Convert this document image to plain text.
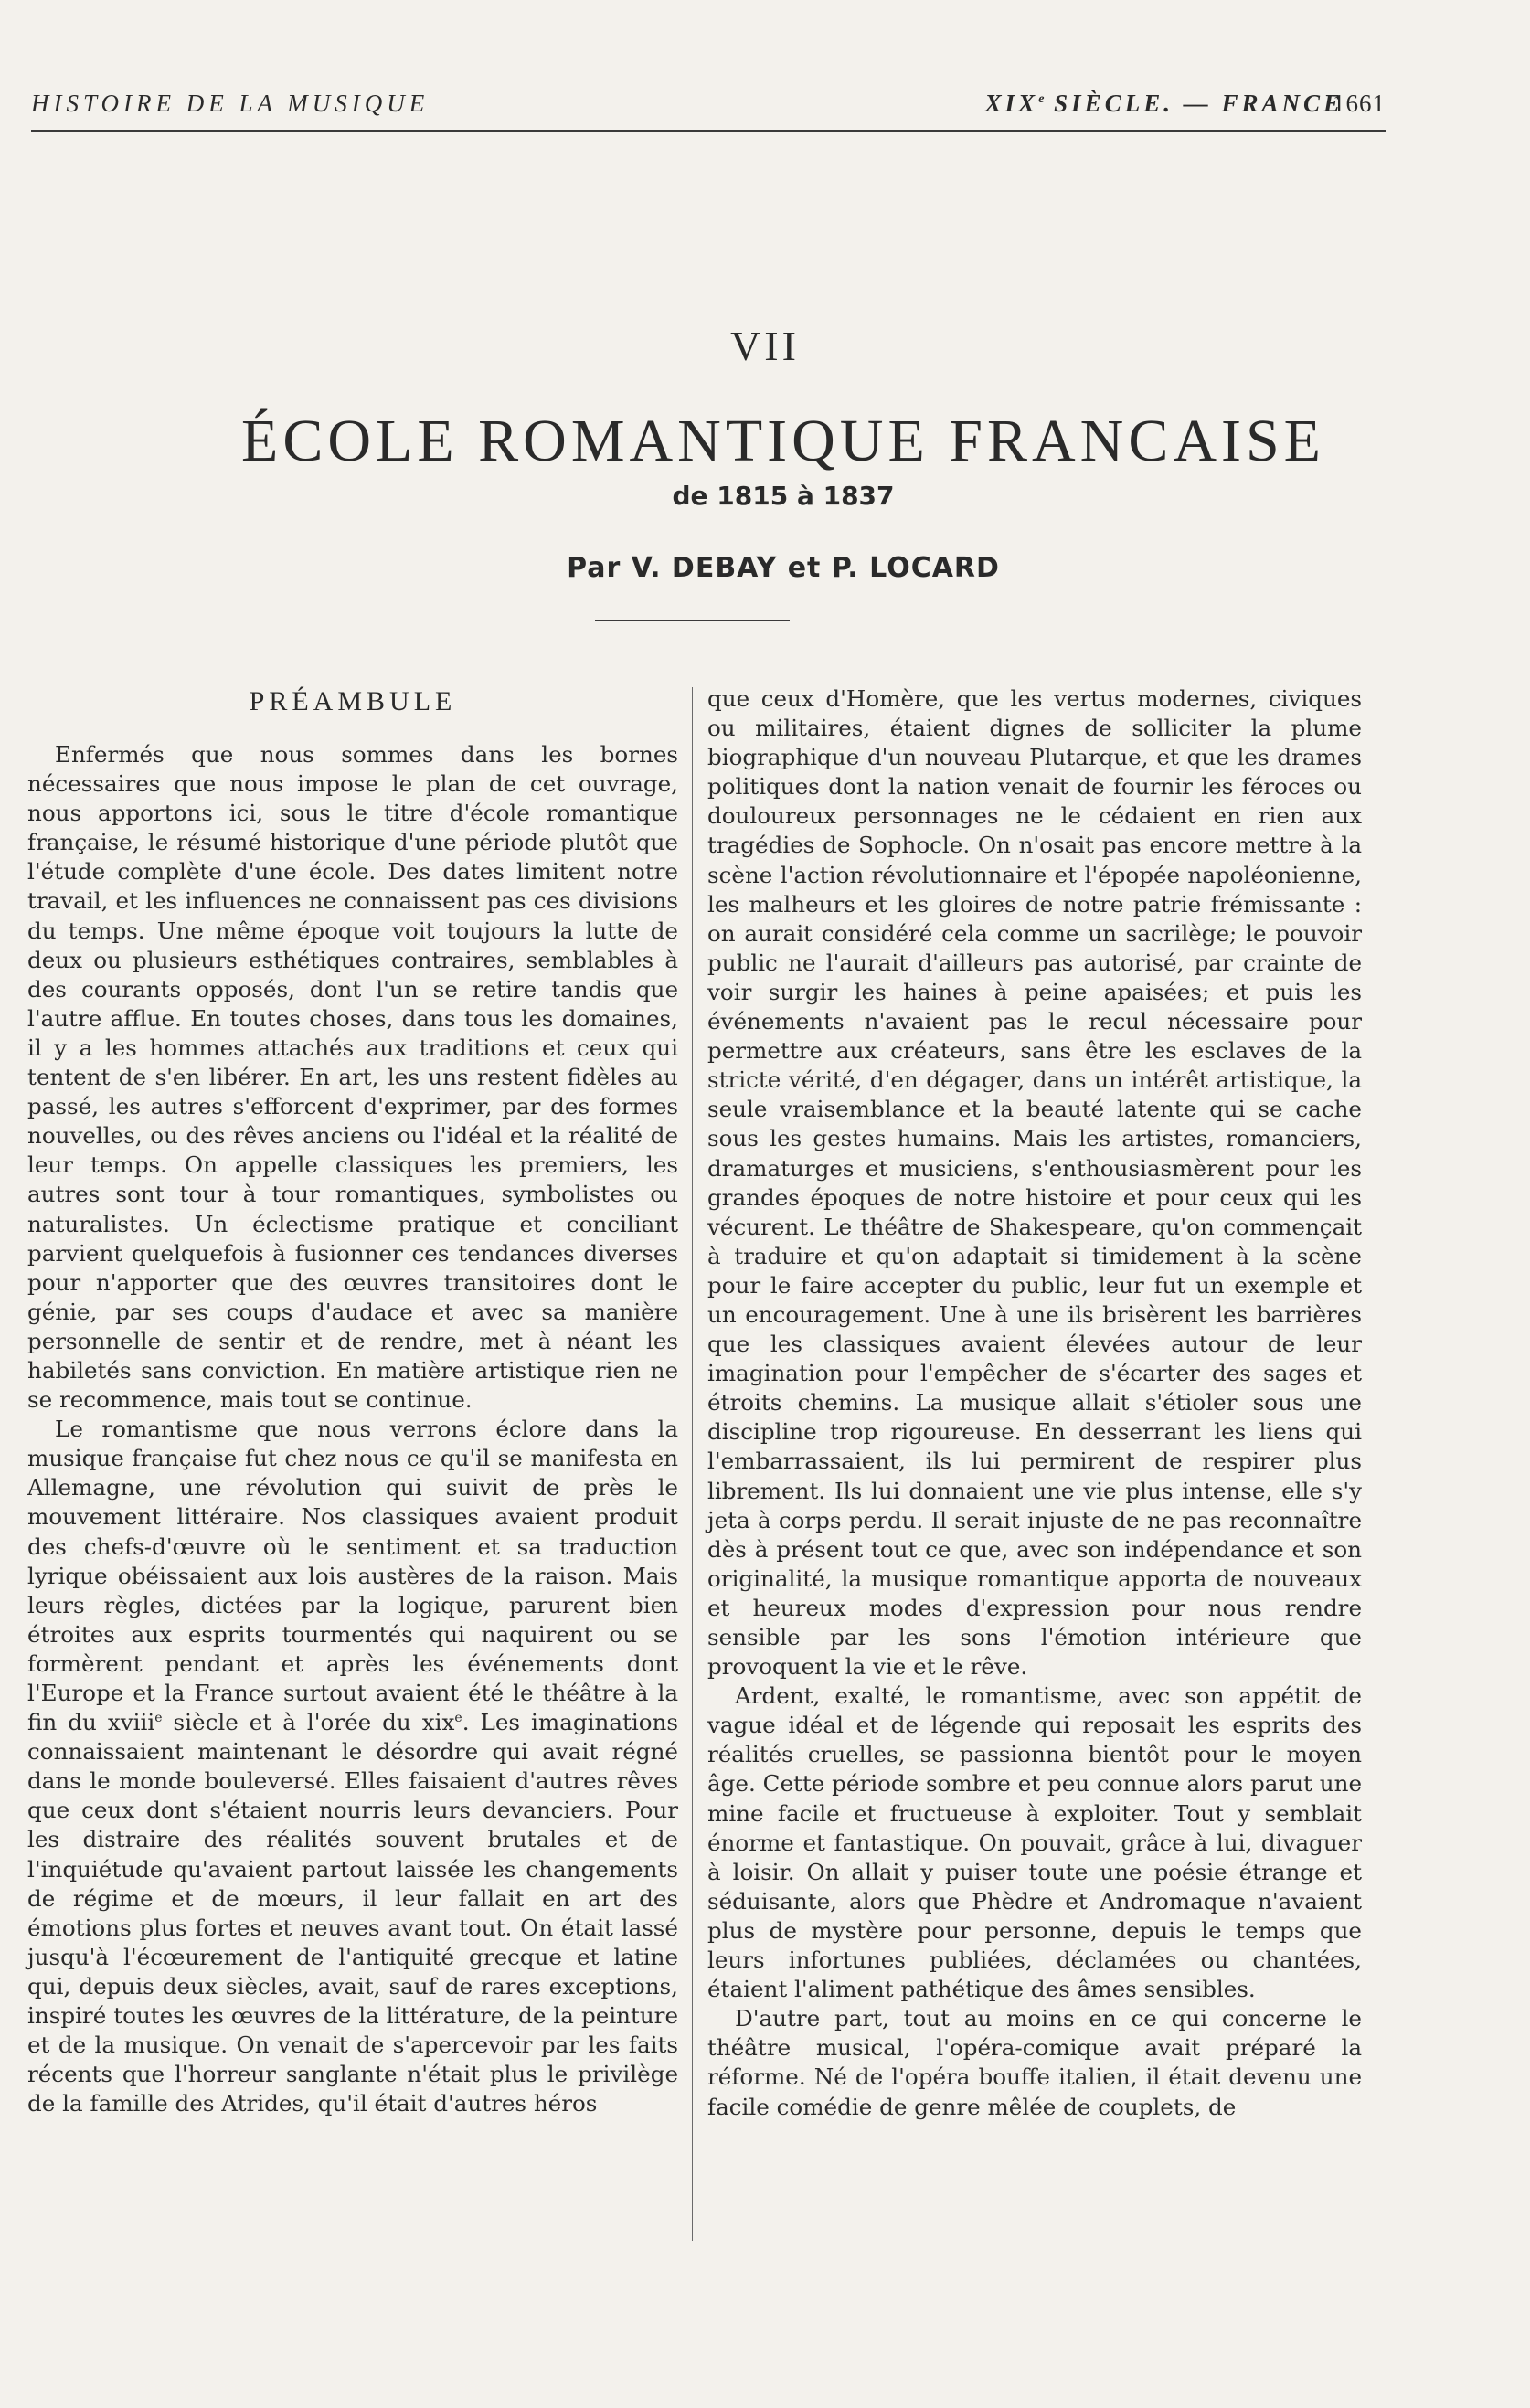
HISTOIRE DE LA MUSIQUE	XIXe SIÈCLE. — FRANCE
1661
VII
ÉCOLE ROMANTIQUE FRANCAISE
de 1815 à 1837
Par V. DEBAY et P. LOCARD
PRÉAMBULE

Enfermés que nous sommes dans les bornes nécessaires que nous impose le plan de cet ouvrage, nous apportons ici, sous le titre d'école romantique française, le résumé historique d'une période plutôt que l'étude complète d'une école. Des dates limitent notre travail, et les influences ne connaissent pas ces divisions du temps. Une même époque voit toujours la lutte de deux ou plusieurs esthétiques contraires, semblables à des courants opposés, dont l'un se retire tandis que l'autre afflue. En toutes choses, dans tous les domaines, il y a les hommes attachés aux traditions et ceux qui tentent de s'en libérer. En art, les uns restent fidèles au passé, les autres s'efforcent d'exprimer, par des formes nouvelles, ou des rêves anciens ou l'idéal et la réalité de leur temps. On appelle classiques les premiers, les autres sont tour à tour romantiques, symbolistes ou naturalistes. Un éclectisme pratique et conciliant parvient quelquefois à fusionner ces tendances diverses pour n'apporter que des œuvres transitoires dont le génie, par ses coups d'audace et avec sa manière personnelle de sentir et de rendre, met à néant les habiletés sans conviction. En matière artistique rien ne se recommence, mais tout se continue.

Le romantisme que nous verrons éclore dans la musique française fut chez nous ce qu'il se manifesta en Allemagne, une révolution qui suivit de près le mouvement littéraire. Nos classiques avaient produit des chefs-d'œuvre où le sentiment et sa traduction lyrique obéissaient aux lois austères de la raison. Mais leurs règles, dictées par la logique, parurent bien étroites aux esprits tourmentés qui naquirent ou se formèrent pendant et après les événements dont l'Europe et la France surtout avaient été le théâtre à la fin du xviii$^e$ siècle et à l'orée du xix$^e$. Les imaginations connaissaient maintenant le désordre qui avait régné dans le monde bouleversé. Elles faisaient d'autres rêves que ceux dont s'étaient nourris leurs devanciers. Pour les distraire des réalités souvent brutales et de l'inquiétude qu'avaient partout laissée les changements de régime et de mœurs, il leur fallait en art des émotions plus fortes et neuves avant tout. On était lassé jusqu'à l'écœurement de l'antiquité grecque et latine qui, depuis deux siècles, avait, sauf de rares exceptions, inspiré toutes les œuvres de la littérature, de la peinture et de la musique. On venait de s'apercevoir par les faits récents que l'horreur sanglante n'était plus le privilège de la famille des Atrides, qu'il était d'autres héros

que ceux d'Homère, que les vertus modernes, civiques ou militaires, étaient dignes de solliciter la plume biographique d'un nouveau Plutarque, et que les drames politiques dont la nation venait de fournir les féroces ou douloureux personnages ne le cédaient en rien aux tragédies de Sophocle. On n'osait pas encore mettre à la scène l'action révolutionnaire et l'épopée napoléonienne, les malheurs et les gloires de notre patrie frémissante : on aurait considéré cela comme un sacrilège; le pouvoir public ne l'aurait d'ailleurs pas autorisé, par crainte de voir surgir les haines à peine apaisées; et puis les événements n'avaient pas le recul nécessaire pour permettre aux créateurs, sans être les esclaves de la stricte vérité, d'en dégager, dans un intérêt artistique, la seule vraisemblance et la beauté latente qui se cache sous les gestes humains. Mais les artistes, romanciers, dramaturges et musiciens, s'enthousiasmèrent pour les grandes époques de notre histoire et pour ceux qui les vécurent. Le théâtre de Shakespeare, qu'on commençait à traduire et qu'on adaptait si timidement à la scène pour le faire accepter du public, leur fut un exemple et un encouragement. Une à une ils brisèrent les barrières que les classiques avaient élevées autour de leur imagination pour l'empêcher de s'écarter des sages et étroits chemins. La musique allait s'étioler sous une discipline trop rigoureuse. En desserrant les liens qui l'embarrassaient, ils lui permirent de respirer plus librement. Ils lui donnaient une vie plus intense, elle s'y jeta à corps perdu. Il serait injuste de ne pas reconnaître dès à présent tout ce que, avec son indépendance et son originalité, la musique romantique apporta de nouveaux et heureux modes d'expression pour nous rendre sensible par les sons l'émotion intérieure que provoquent la vie et le rêve.

Ardent, exalté, le romantisme, avec son appétit de vague idéal et de légende qui reposait les esprits des réalités cruelles, se passionna bientôt pour le moyen âge. Cette période sombre et peu connue alors parut une mine facile et fructueuse à exploiter. Tout y semblait énorme et fantastique. On pouvait, grâce à lui, divaguer à loisir. On allait y puiser toute une poésie étrange et séduisante, alors que Phèdre et Andromaque n'avaient plus de mystère pour personne, depuis le temps que leurs infortunes publiées, déclamées ou chantées, étaient l'aliment pathétique des âmes sensibles.

D'autre part, tout au moins en ce qui concerne le théâtre musical, l'opéra-comique avait préparé la réforme. Né de l'opéra bouffe italien, il était devenu une facile comédie de genre mêlée de couplets, de
